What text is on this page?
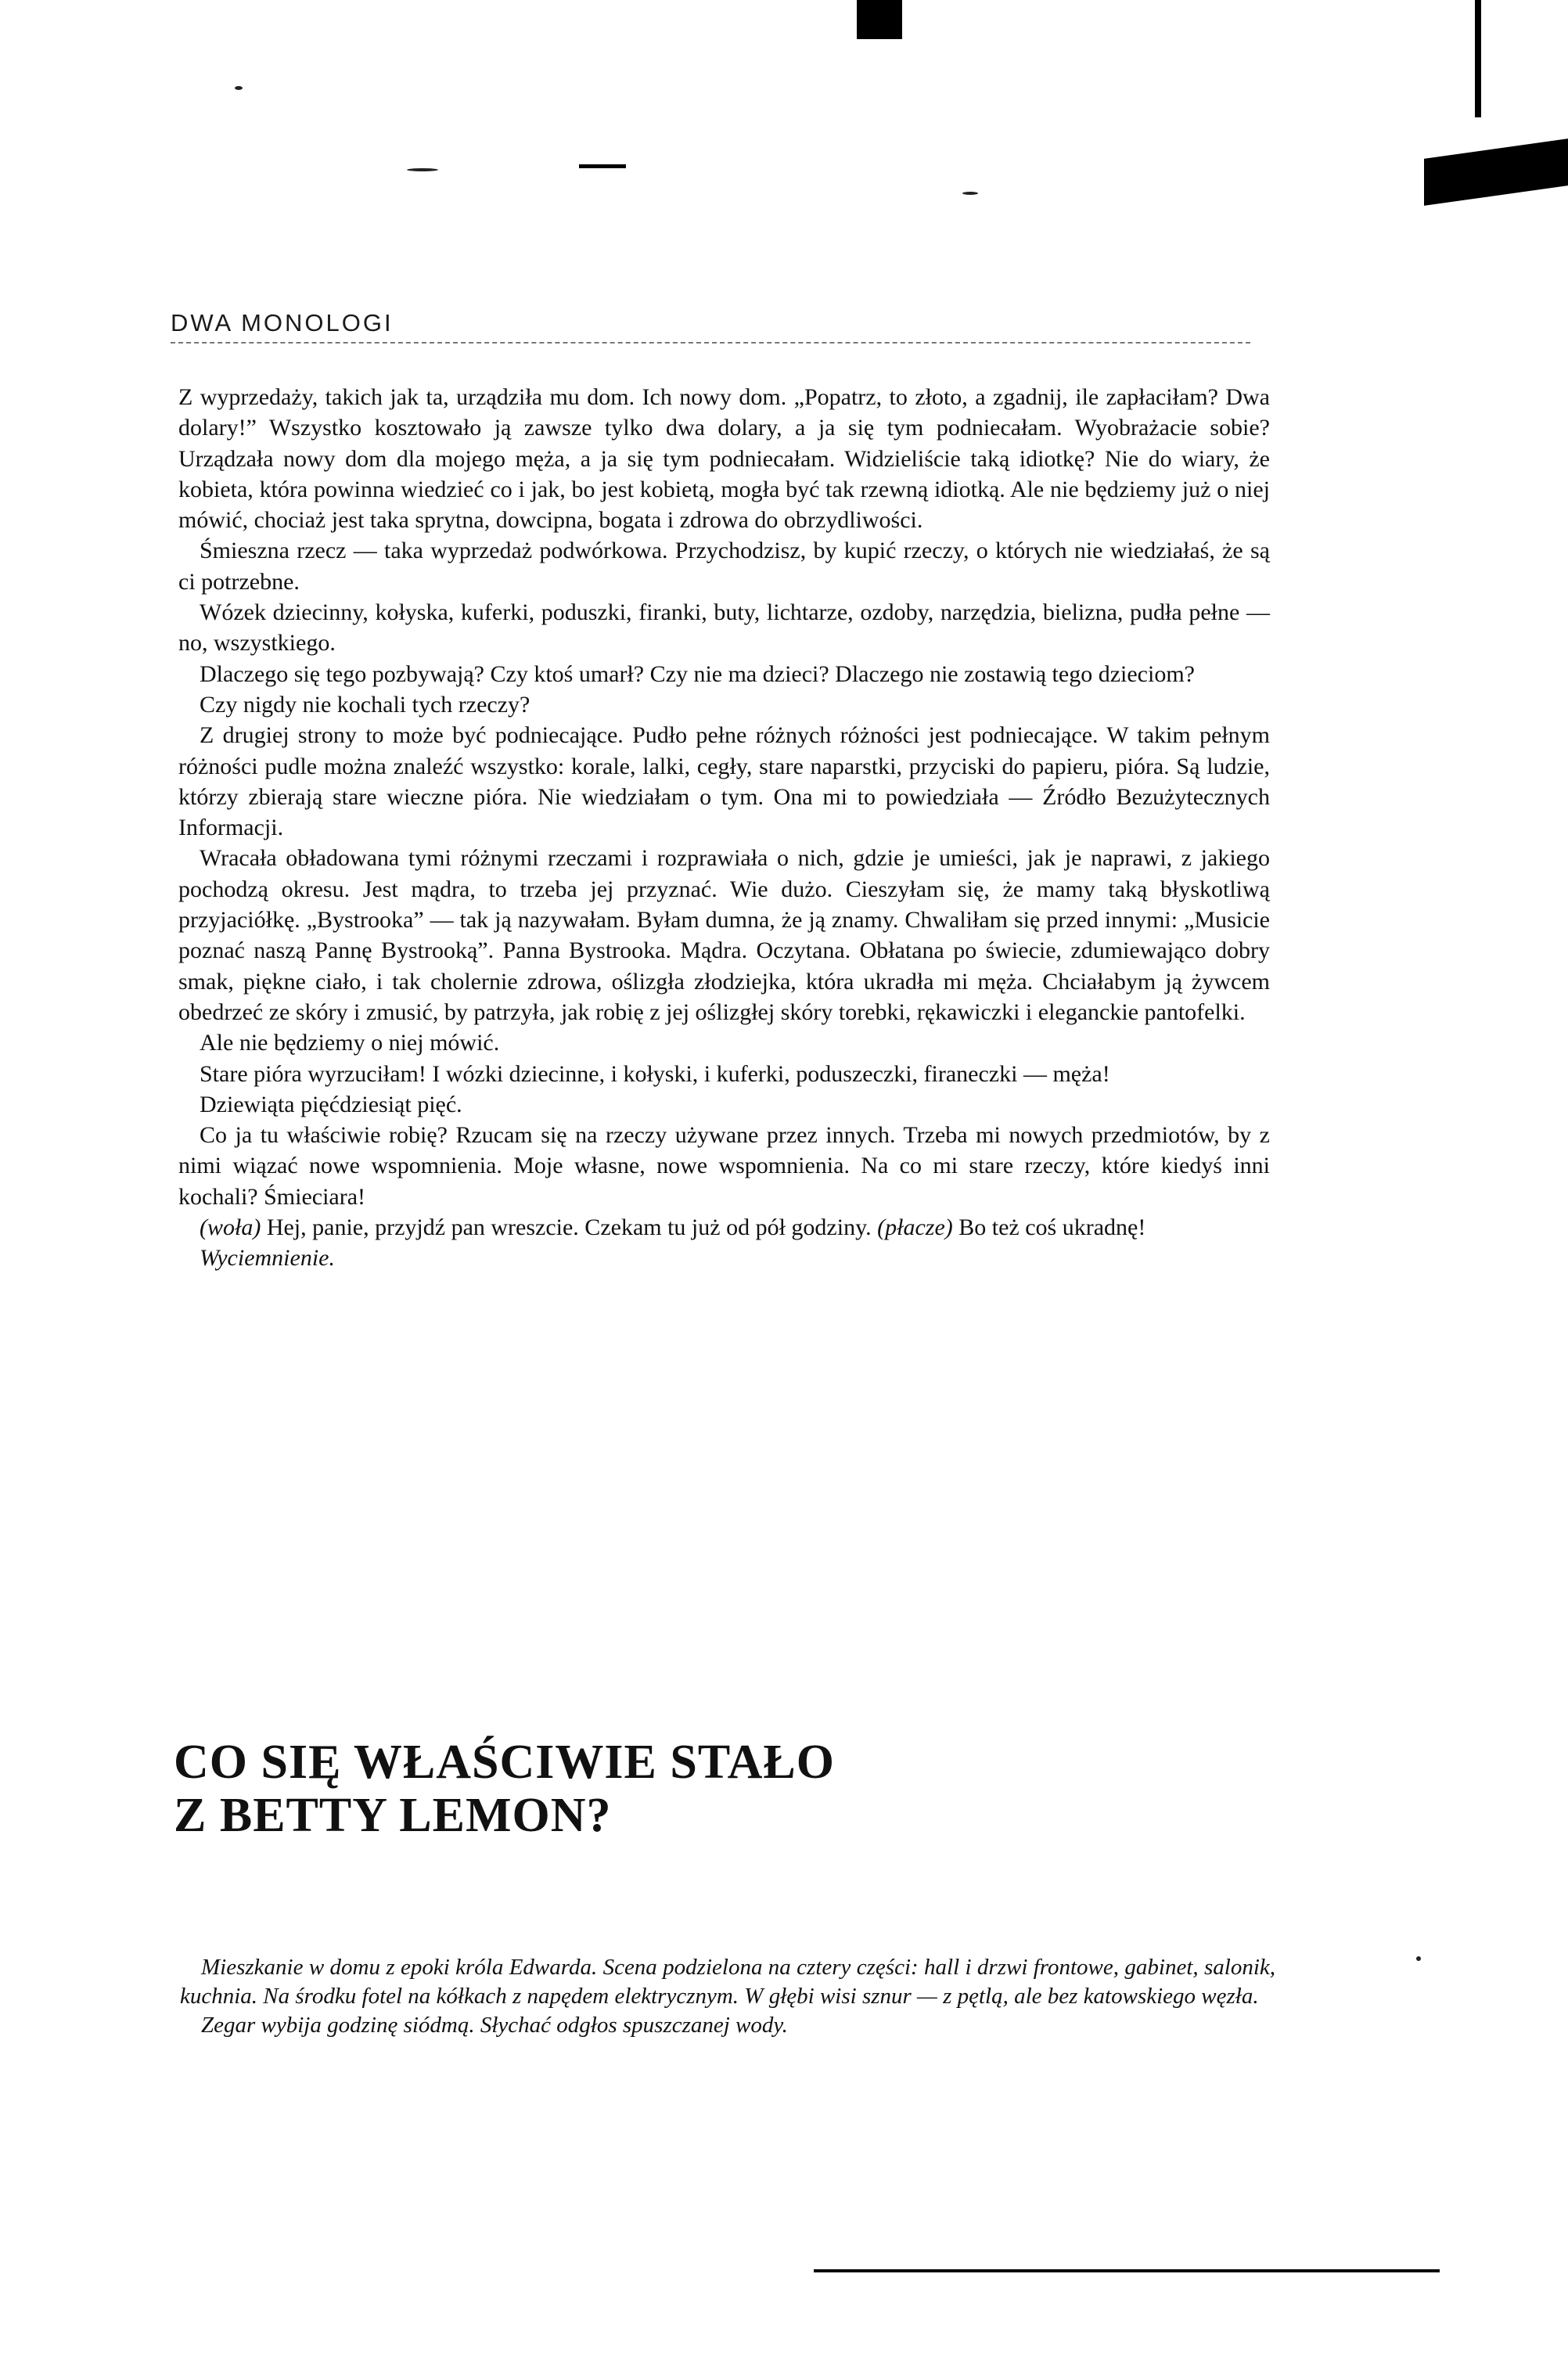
DWA MONOLOGI

Z wyprzedaży, takich jak ta, urządziła mu dom. Ich nowy dom. „Popatrz, to złoto, a zgadnij, ile zapłaciłam? Dwa dolary!” Wszystko kosztowało ją zawsze tylko dwa dolary, a ja się tym podniecałam. Wyobrażacie sobie? Urządzała nowy dom dla mojego męża, a ja się tym podniecałam. Widzieliście taką idiotkę? Nie do wiary, że kobieta, która powinna wiedzieć co i jak, bo jest kobietą, mogła być tak rzewną idiotką. Ale nie będziemy już o niej mówić, chociaż jest taka sprytna, dowcipna, bogata i zdrowa do obrzydliwości.

Śmieszna rzecz — taka wyprzedaż podwórkowa. Przychodzisz, by kupić rzeczy, o których nie wiedziałaś, że są ci potrzebne.

Wózek dziecinny, kołyska, kuferki, poduszki, firanki, buty, lichtarze, ozdoby, narzędzia, bielizna, pudła pełne — no, wszystkiego.

Dlaczego się tego pozbywają? Czy ktoś umarł? Czy nie ma dzieci? Dlaczego nie zostawią tego dzieciom?

Czy nigdy nie kochali tych rzeczy?

Z drugiej strony to może być podniecające. Pudło pełne różnych różności jest podniecające. W takim pełnym różności pudle można znaleźć wszystko: korale, lalki, cegły, stare naparstki, przyciski do papieru, pióra. Są ludzie, którzy zbierają stare wieczne pióra. Nie wiedziałam o tym. Ona mi to powiedziała — Źródło Bezużytecznych Informacji.

Wracała obładowana tymi różnymi rzeczami i rozprawiała o nich, gdzie je umieści, jak je naprawi, z jakiego pochodzą okresu. Jest mądra, to trzeba jej przyznać. Wie dużo. Cieszyłam się, że mamy taką błyskotliwą przyjaciółkę. „Bystrooka” — tak ją nazywałam. Byłam dumna, że ją znamy. Chwaliłam się przed innymi: „Musicie poznać naszą Pannę Bystrooką”. Panna Bystrooka. Mądra. Oczytana. Obłatana po świecie, zdumiewająco dobry smak, piękne ciało, i tak cholernie zdrowa, oślizgła złodziejka, która ukradła mi męża. Chciałabym ją żywcem obedrzeć ze skóry i zmusić, by patrzyła, jak robię z jej oślizgłej skóry torebki, rękawiczki i eleganckie pantofelki.

Ale nie będziemy o niej mówić.

Stare pióra wyrzuciłam! I wózki dziecinne, i kołyski, i kuferki, poduszeczki, firaneczki — męża!

Dziewiąta pięćdziesiąt pięć.

Co ja tu właściwie robię? Rzucam się na rzeczy używane przez innych. Trzeba mi nowych przedmiotów, by z nimi wiązać nowe wspomnienia. Moje własne, nowe wspomnienia. Na co mi stare rzeczy, które kiedyś inni kochali? Śmieciara!

(woła) Hej, panie, przyjdź pan wreszcie. Czekam tu już od pół godziny. (płacze) Bo też coś ukradnę!

Wyciemnienie.

CO SIĘ WŁAŚCIWIE STAŁO
Z BETTY LEMON?

Mieszkanie w domu z epoki króla Edwarda. Scena podzielona na cztery części: hall i drzwi frontowe, gabinet, salonik, kuchnia. Na środku fotel na kółkach z napędem elektrycznym. W głębi wisi sznur — z pętlą, ale bez katowskiego węzła.

Zegar wybija godzinę siódmą. Słychać odgłos spuszczanej wody.
